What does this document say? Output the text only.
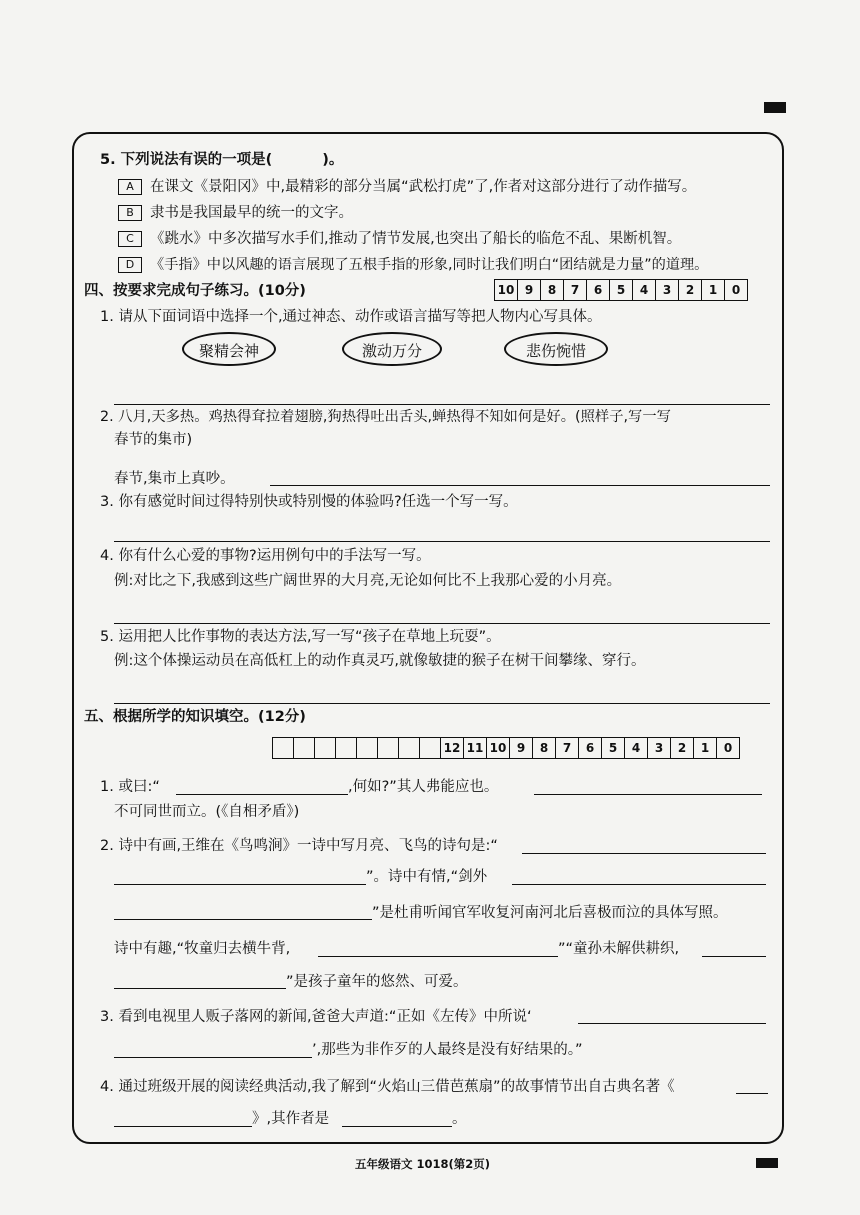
5. 下列说法有误的一项是(	)。
A 在课文《景阳冈》中,最精彩的部分当属“武松打虎”了,作者对这部分进行了动作描写。
B 隶书是我国最早的统一的文字。
C 《跳水》中多次描写水手们,推动了情节发展,也突出了船长的临危不乱、果断机智。
D 《手指》中以风趣的语言展现了五根手指的形象,同时让我们明白“团结就是力量”的道理。
四、按要求完成句子练习。(10分)	10 9	8	7	6	5	4	3	2	1	0
1. 请从下面词语中选择一个,通过神态、动作或语言描写等把人物内心写具体。
聚精会神	激动万分	悲伤惋惜
2. 八月,天多热。鸡热得耷拉着翅膀,狗热得吐出舌头,蝉热得不知如何是好。(照样子,写一写
春节的集市)
春节,集市上真吵。
3. 你有感觉时间过得特别快或特别慢的体验吗?任选一个写一写。
4. 你有什么心爱的事物?运用例句中的手法写一写。
例:对比之下,我感到这些广阔世界的大月亮,无论如何比不上我那心爱的小月亮。
5. 运用把人比作事物的表达方法,写一写“孩子在草地上玩耍”。
例:这个体操运动员在高低杠上的动作真灵巧,就像敏捷的猴子在树干间攀缘、穿行。
五、根据所学的知识填空。(12分)
12 11 10 9	8	7	6	5	4	3	2	1	0
1. 或曰:“	,何如?”其人弗能应也。
不可同世而立。(《自相矛盾》)
2. 诗中有画,王维在《鸟鸣涧》一诗中写月亮、飞鸟的诗句是:“
”。诗中有情,“剑外
”是杜甫听闻官军收复河南河北后喜极而泣的具体写照。
诗中有趣,“牧童归去横牛背,	”“童孙未解供耕织,
”是孩子童年的悠然、可爱。
3. 看到电视里人贩子落网的新闻,爸爸大声道:“正如《左传》中所说‘
’,那些为非作歹的人最终是没有好结果的。”
4. 通过班级开展的阅读经典活动,我了解到“火焰山三借芭蕉扇”的故事情节出自古典名著《
》,其作者是	。
五年级语文 1018(第2页)
